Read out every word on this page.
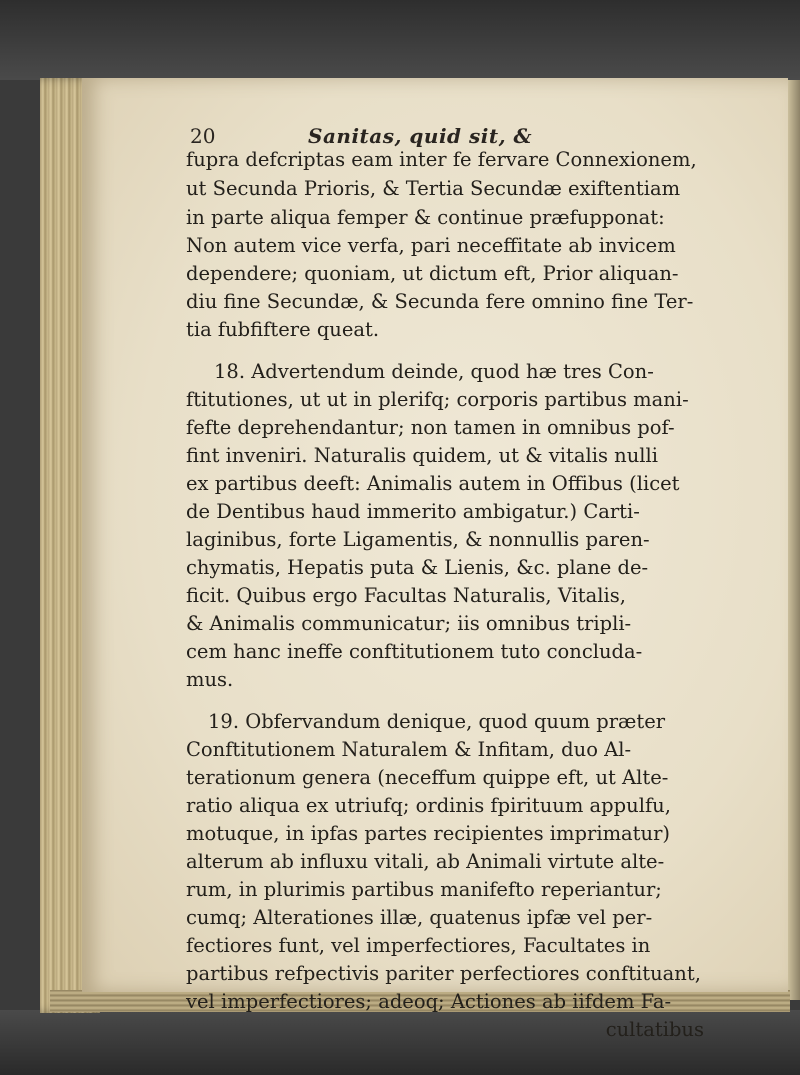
20	Sanitas, quid sit, &
fupra defcriptas eam inter fe fervare Connexionem,
ut Secunda Prioris, & Tertia Secundæ exiftentiam
in parte aliqua femper & continue præfupponat:
Non autem vice verfa, pari neceffitate ab invicem
dependere; quoniam, ut dictum eft, Prior aliquan-
diu fine Secundæ, & Secunda fere omnino fine Ter-
tia fubfiftere queat.
18. Advertendum deinde, quod hæ tres Con-
ftitutiones, ut ut in plerifq; corporis partibus mani-
fefte deprehendantur; non tamen in omnibus pof-
fint inveniri. Naturalis quidem, ut & vitalis nulli
ex partibus deeft: Animalis autem in Offibus (licet
de Dentibus haud immerito ambigatur.) Carti-
laginibus, forte Ligamentis, & nonnullis paren-
chymatis, Hepatis puta & Lienis, &c. plane de-
ficit. Quibus ergo Facultas Naturalis, Vitalis,
& Animalis communicatur; iis omnibus tripli-
cem hanc ineffe conftitutionem tuto concluda-
mus.
19. Obfervandum denique, quod quum præter
Conftitutionem Naturalem & Infitam, duo Al-
terationum genera (neceffum quippe eft, ut Alte-
ratio aliqua ex utriufq; ordinis fpirituum appulfu,
motuque, in ipfas partes recipientes imprimatur)
alterum ab influxu vitali, ab Animali virtute alte-
rum, in plurimis partibus manifefto reperiantur;
cumq; Alterationes illæ, quatenus ipfæ vel per-
fectiores funt, vel imperfectiores, Facultates in
partibus refpectivis pariter perfectiores conftituant,
vel imperfectiores; adeoq; Actiones ab iifdem Fa-
cultatibus
